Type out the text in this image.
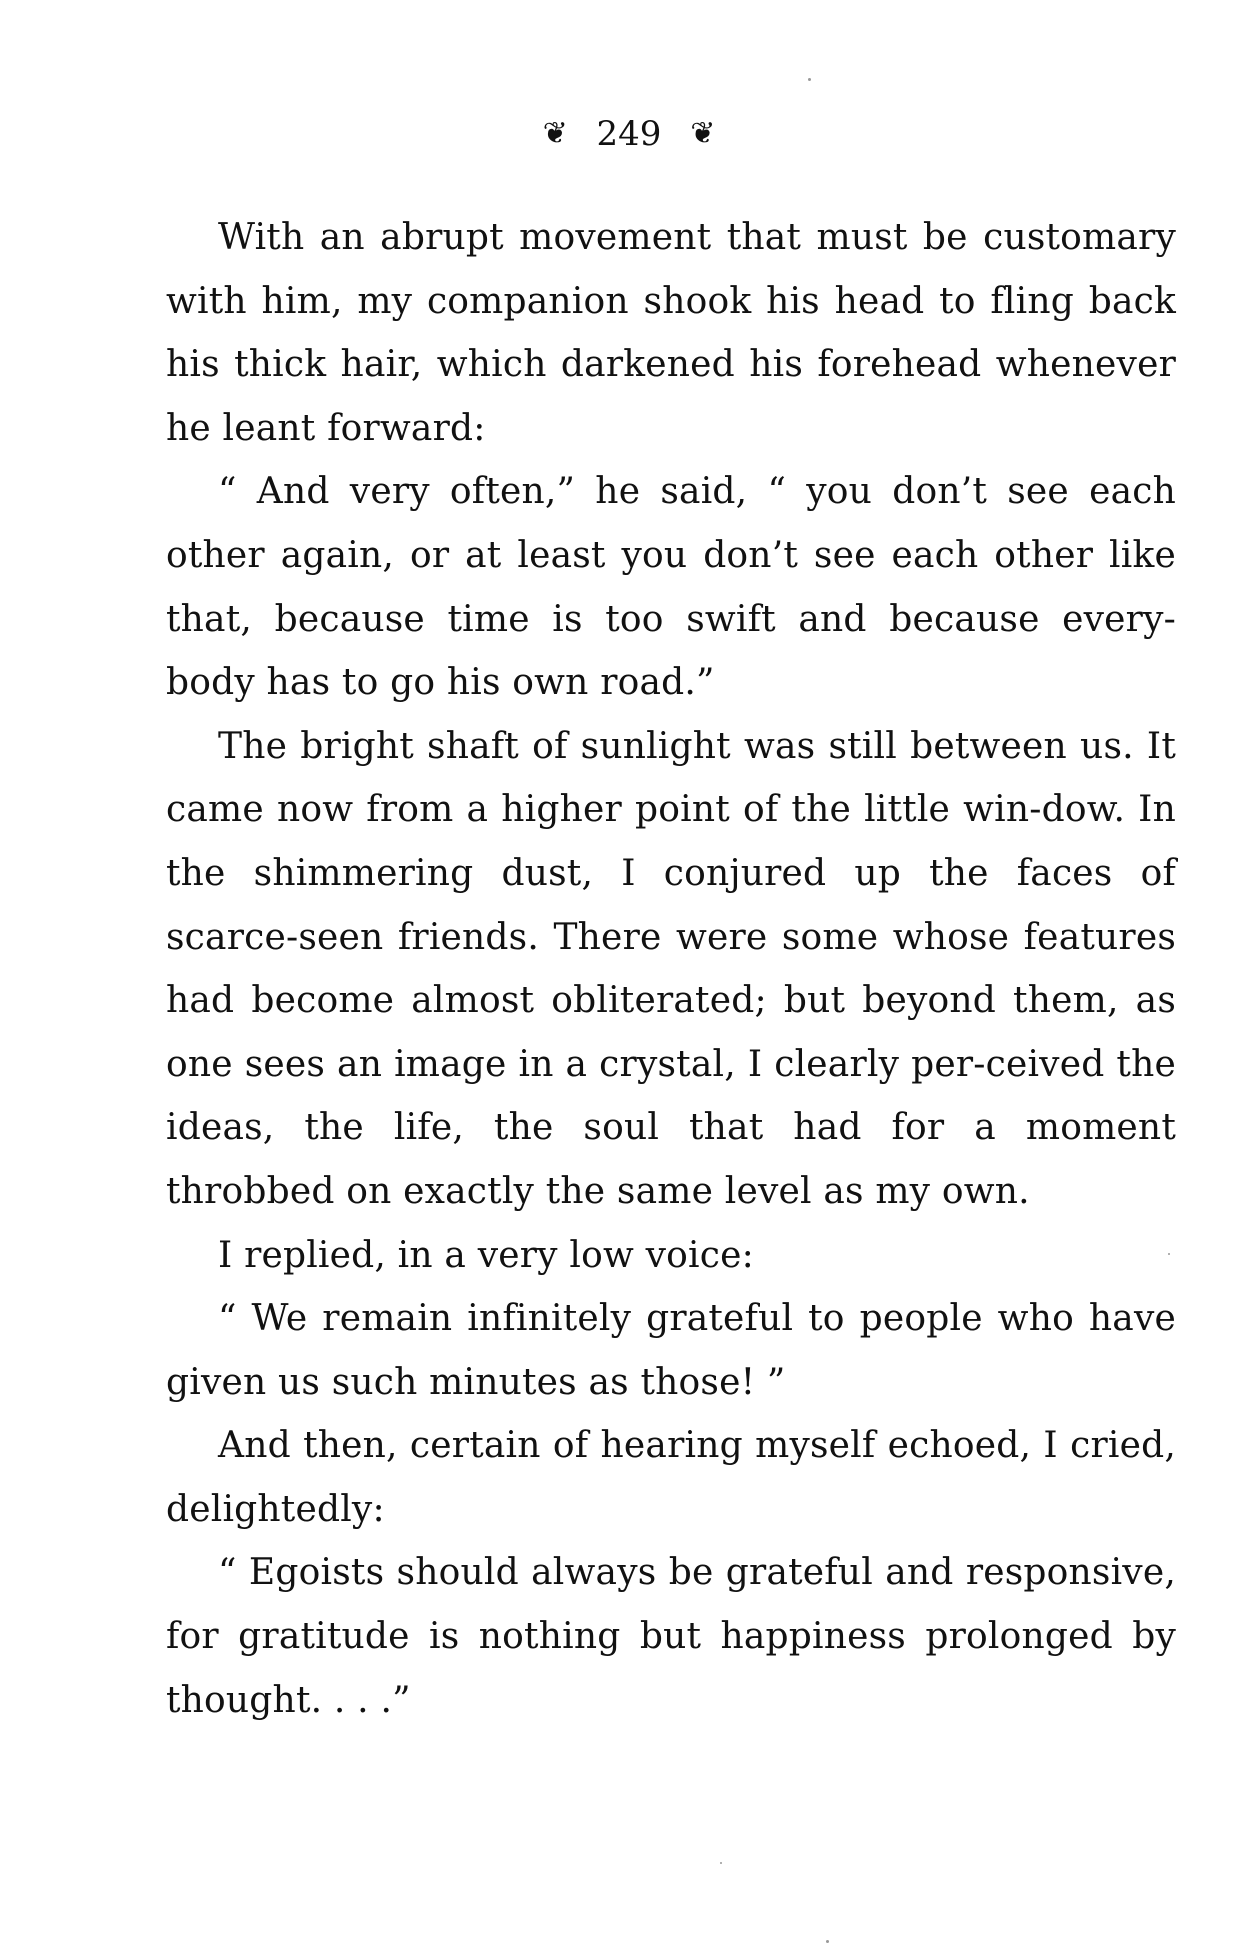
❦ 249 ❦

With an abrupt movement that must be customary with him, my companion shook his head to fling back his thick hair, which darkened his forehead whenever he leant forward:

“ And very often,” he said, “ you don’t see each other again, or at least you don’t see each other like that, because time is too swift and because every-body has to go his own road.”

The bright shaft of sunlight was still between us. It came now from a higher point of the little win-dow. In the shimmering dust, I conjured up the faces of scarce-seen friends. There were some whose features had become almost obliterated; but beyond them, as one sees an image in a crystal, I clearly per-ceived the ideas, the life, the soul that had for a moment throbbed on exactly the same level as my own.

I replied, in a very low voice:

“ We remain infinitely grateful to people who have given us such minutes as those! ”

And then, certain of hearing myself echoed, I cried, delightedly:

“ Egoists should always be grateful and responsive, for gratitude is nothing but happiness prolonged by thought. . . .”
